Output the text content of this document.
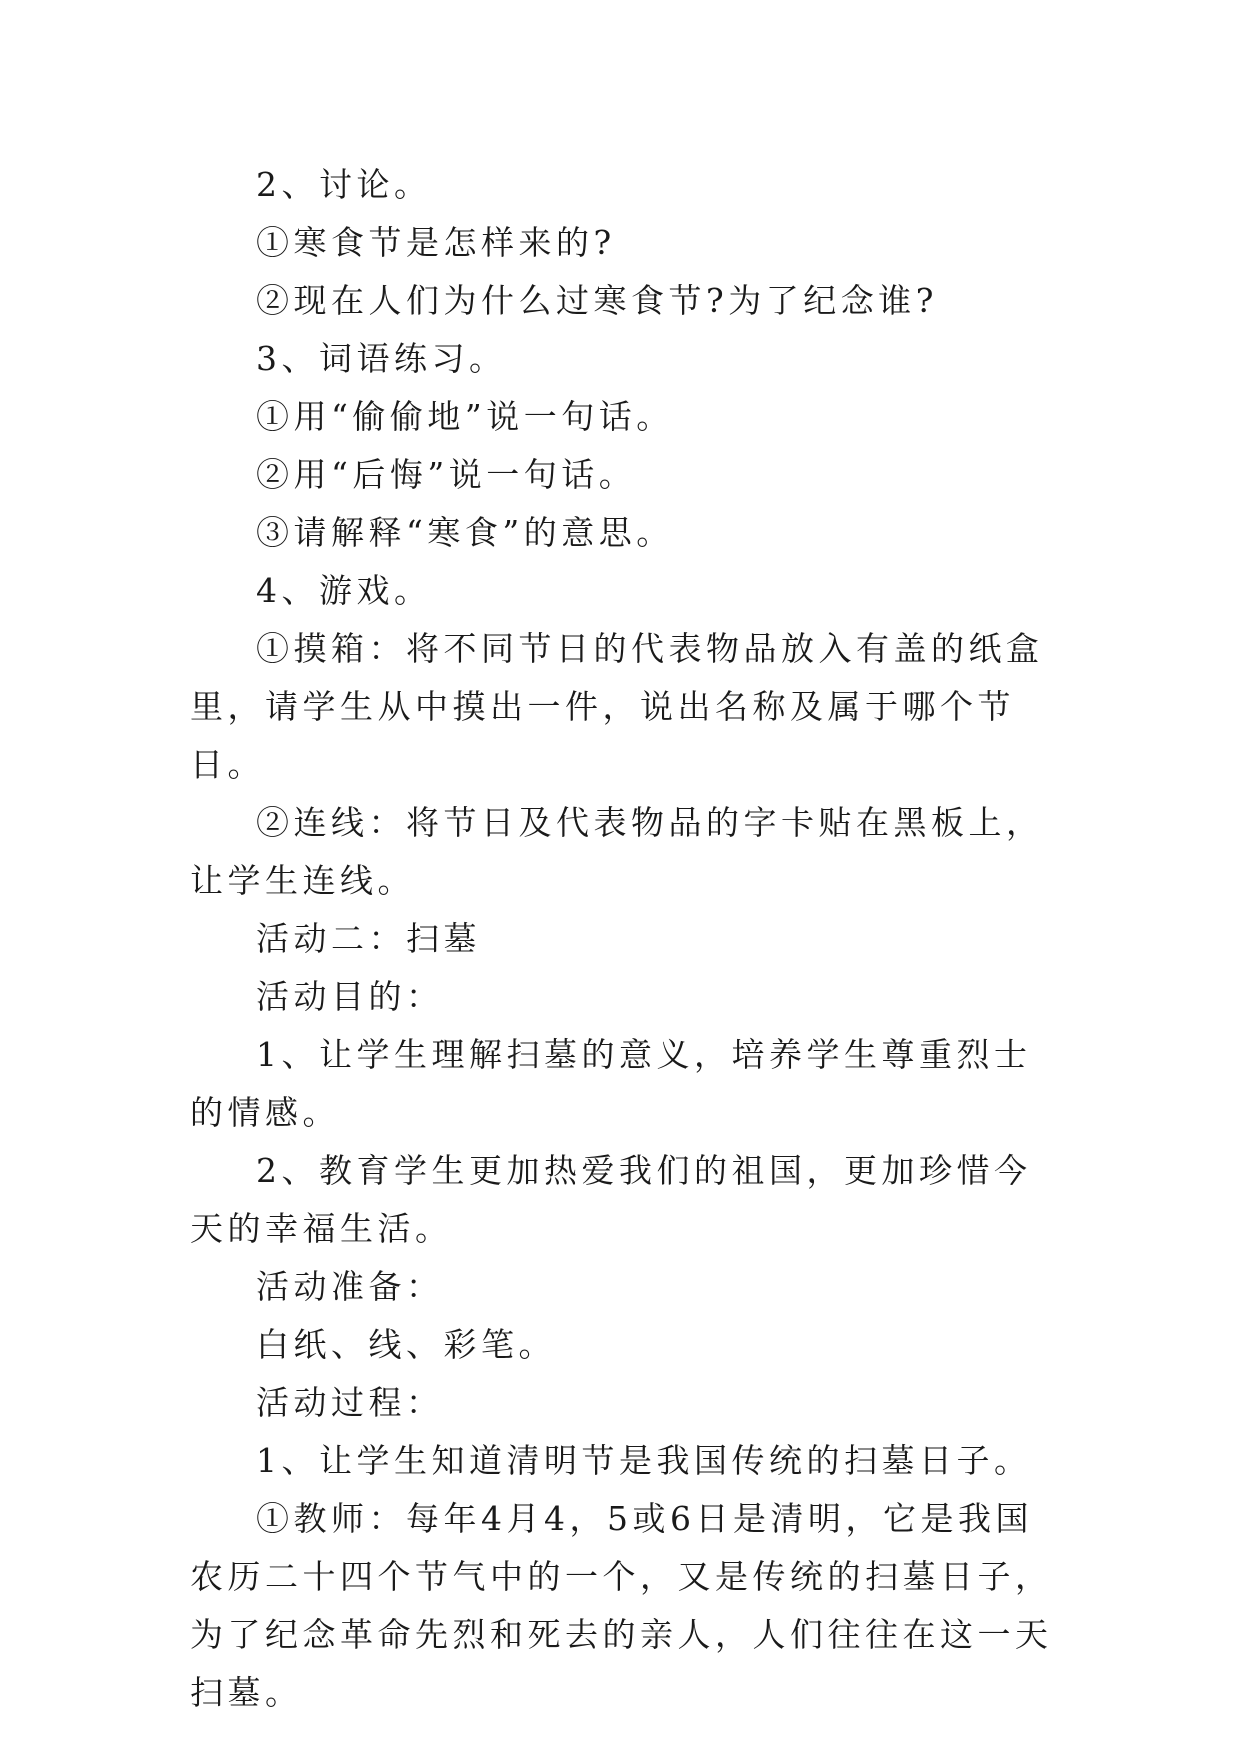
2、讨论。

①寒食节是怎样来的?

②现在人们为什么过寒食节?为了纪念谁?

3、词语练习。

①用“偷偷地”说一句话。

②用“后悔”说一句话。

③请解释“寒食”的意思。

4、游戏。

①摸箱：将不同节日的代表物品放入有盖的纸盒里，请学生从中摸出一件，说出名称及属于哪个节日。

②连线：将节日及代表物品的字卡贴在黑板上，让学生连线。

活动二：扫墓

活动目的：

1、让学生理解扫墓的意义，培养学生尊重烈士的情感。

2、教育学生更加热爱我们的祖国，更加珍惜今天的幸福生活。

活动准备：

白纸、线、彩笔。

活动过程：

1、让学生知道清明节是我国传统的扫墓日子。

①教师：每年4月4，5或6日是清明，它是我国农历二十四个节气中的一个，又是传统的扫墓日子，为了纪念革命先烈和死去的亲人，人们往往在这一天扫墓。
